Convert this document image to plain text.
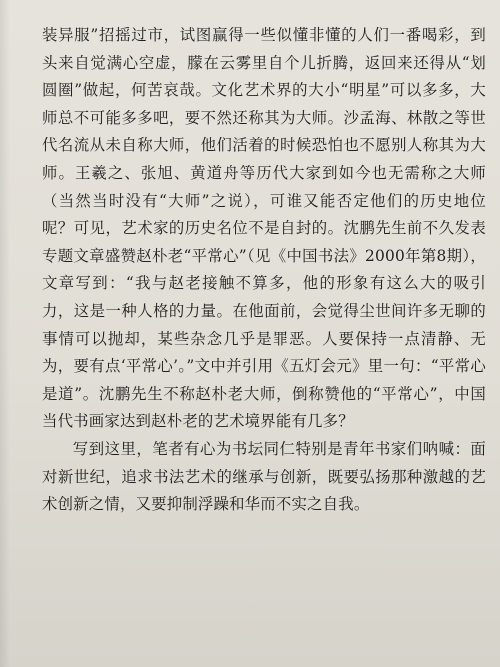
装异服”招摇过市，试图赢得一些似懂非懂的人们一番喝彩，到头来自觉满心空虚，朦在云雾里自个儿折腾，返回来还得从“划圆圈”做起，何苦哀哉。文化艺术界的大小“明星”可以多多，大师总不可能多多吧，要不然还称其为大师。沙孟海、林散之等世代名流从未自称大师，他们活着的时候恐怕也不愿别人称其为大师。王羲之、张旭、黄道舟等历代大家到如今也无需称之大师（当然当时没有“大师”之说），可谁又能否定他们的历史地位呢？可见，艺术家的历史名位不是自封的。沈鹏先生前不久发表专题文章盛赞赵朴老“平常心”（见《中国书法》2000年第8期），文章写到：“我与赵老接触不算多，他的形象有这么大的吸引力，这是一种人格的力量。在他面前，会觉得尘世间许多无聊的事情可以抛却，某些杂念几乎是罪恶。人要保持一点清静、无为，要有点‘平常心’。”文中并引用《五灯会元》里一句：“平常心是道”。沈鹏先生不称赵朴老大师，倒称赞他的“平常心”，中国当代书画家达到赵朴老的艺术境界能有几多？

写到这里，笔者有心为书坛同仁特别是青年书家们呐喊：面对新世纪，追求书法艺术的继承与创新，既要弘扬那种激越的艺术创新之情，又要抑制浮躁和华而不实之自我。
